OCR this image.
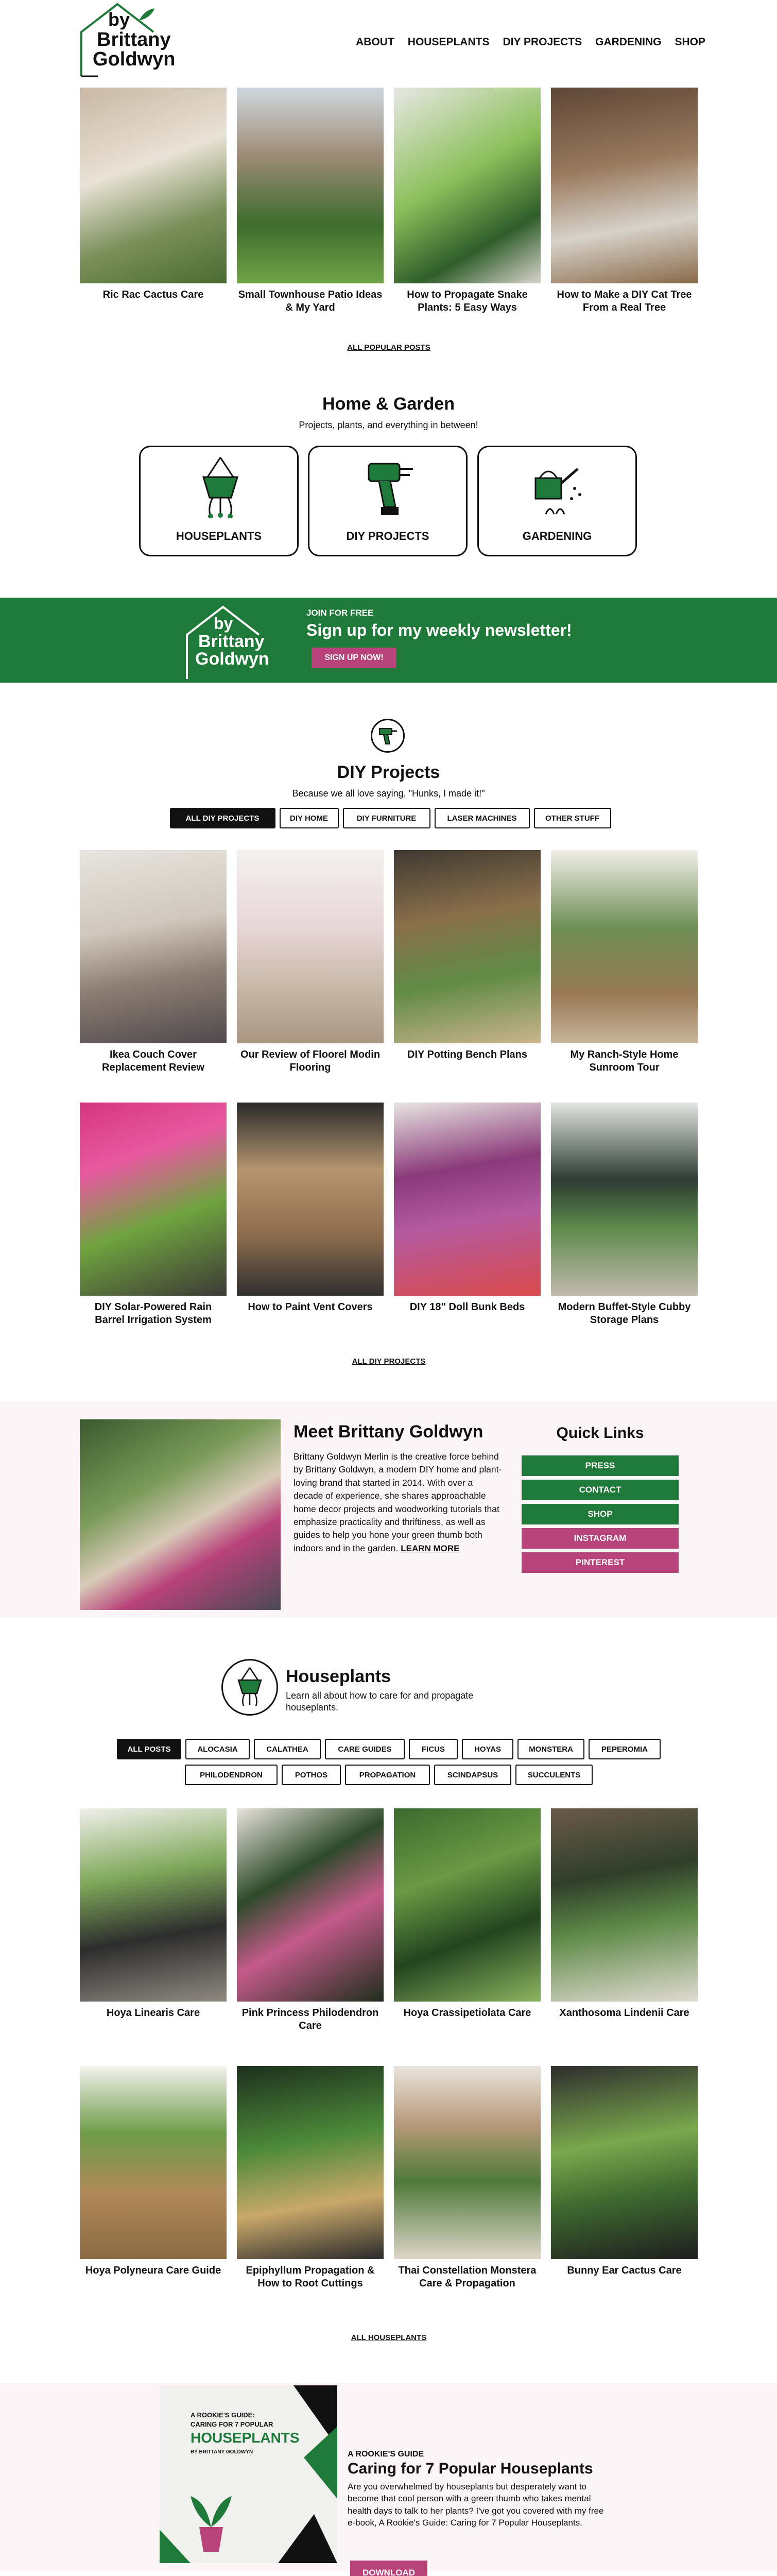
by
Brittany
Goldwyn
ABOUT HOUSEPLANTS DIY PROJECTS GARDENING SHOP
Ric Rac Cactus Care	Small Townhouse Patio Ideas & My Yard
How to Propagate Snake Plants: 5 Easy Ways
How to Make a DIY Cat Tree From a Real Tree
ALL POPULAR POSTS
Home & Garden
Projects, plants, and everything in between!
HOUSEPLANTS	DIY PROJECTS	GARDENING
by
Brittany
Goldwyn
JOIN FOR FREE
Sign up for my weekly newsletter!
SIGN UP NOW!
DIY Projects
Because we all love saying, "Hunks, I made it!"
ALL DIY PROJECTS	DIY HOME	DIY FURNITURE	LASER MACHINES	OTHER STUFF
Ikea Couch Cover Replacement Review
Our Review of Floorel Modin Flooring
DIY Potting Bench Plans	My Ranch-Style Home Sunroom Tour
DIY Solar-Powered Rain Barrel Irrigation System
How to Paint Vent Covers	DIY 18" Doll Bunk Beds	Modern Buffet-Style Cubby Storage Plans
ALL DIY PROJECTS
Meet Brittany Goldwyn
Brittany Goldwyn Merlin is the creative force behind by Brittany Goldwyn, a modern DIY home and plant-loving brand that started in 2014. With over a decade of experience, she shares approachable home decor projects and woodworking tutorials that emphasize practicality and thriftiness, as well as guides to help you hone your green thumb both indoors and in the garden. LEARN MORE
Quick Links
PRESS
CONTACT
SHOP
INSTAGRAM
PINTEREST
Houseplants
Learn all about how to care for and propagate houseplants.
ALL POSTS	ALOCASIA	CALATHEA	CARE GUIDES	FICUS	HOYAS	MONSTERA	PEPEROMIA
PHILODENDRON	POTHOS	PROPAGATION	SCINDAPSUS	SUCCULENTS
Hoya Linearis Care	Pink Princess Philodendron Care
Hoya Crassipetiolata Care	Xanthosoma Lindenii Care
Hoya Polyneura Care Guide	Epiphyllum Propagation & How to Root Cuttings
Thai Constellation Monstera Care & Propagation
Bunny Ear Cactus Care
ALL HOUSEPLANTS
A ROOKIE'S GUIDE:
CARING FOR 7 POPULAR
HOUSEPLANTS
BY BRITTANY GOLDWYN	A ROOKIE'S GUIDE
Caring for 7 Popular Houseplants
Are you overwhelmed by houseplants but desperately want to become that cool person with a green thumb who takes mental health days to talk to her plants? I've got you covered with my free e-book, A Rookie's Guide: Caring for 7 Popular Houseplants.
DOWNLOAD
